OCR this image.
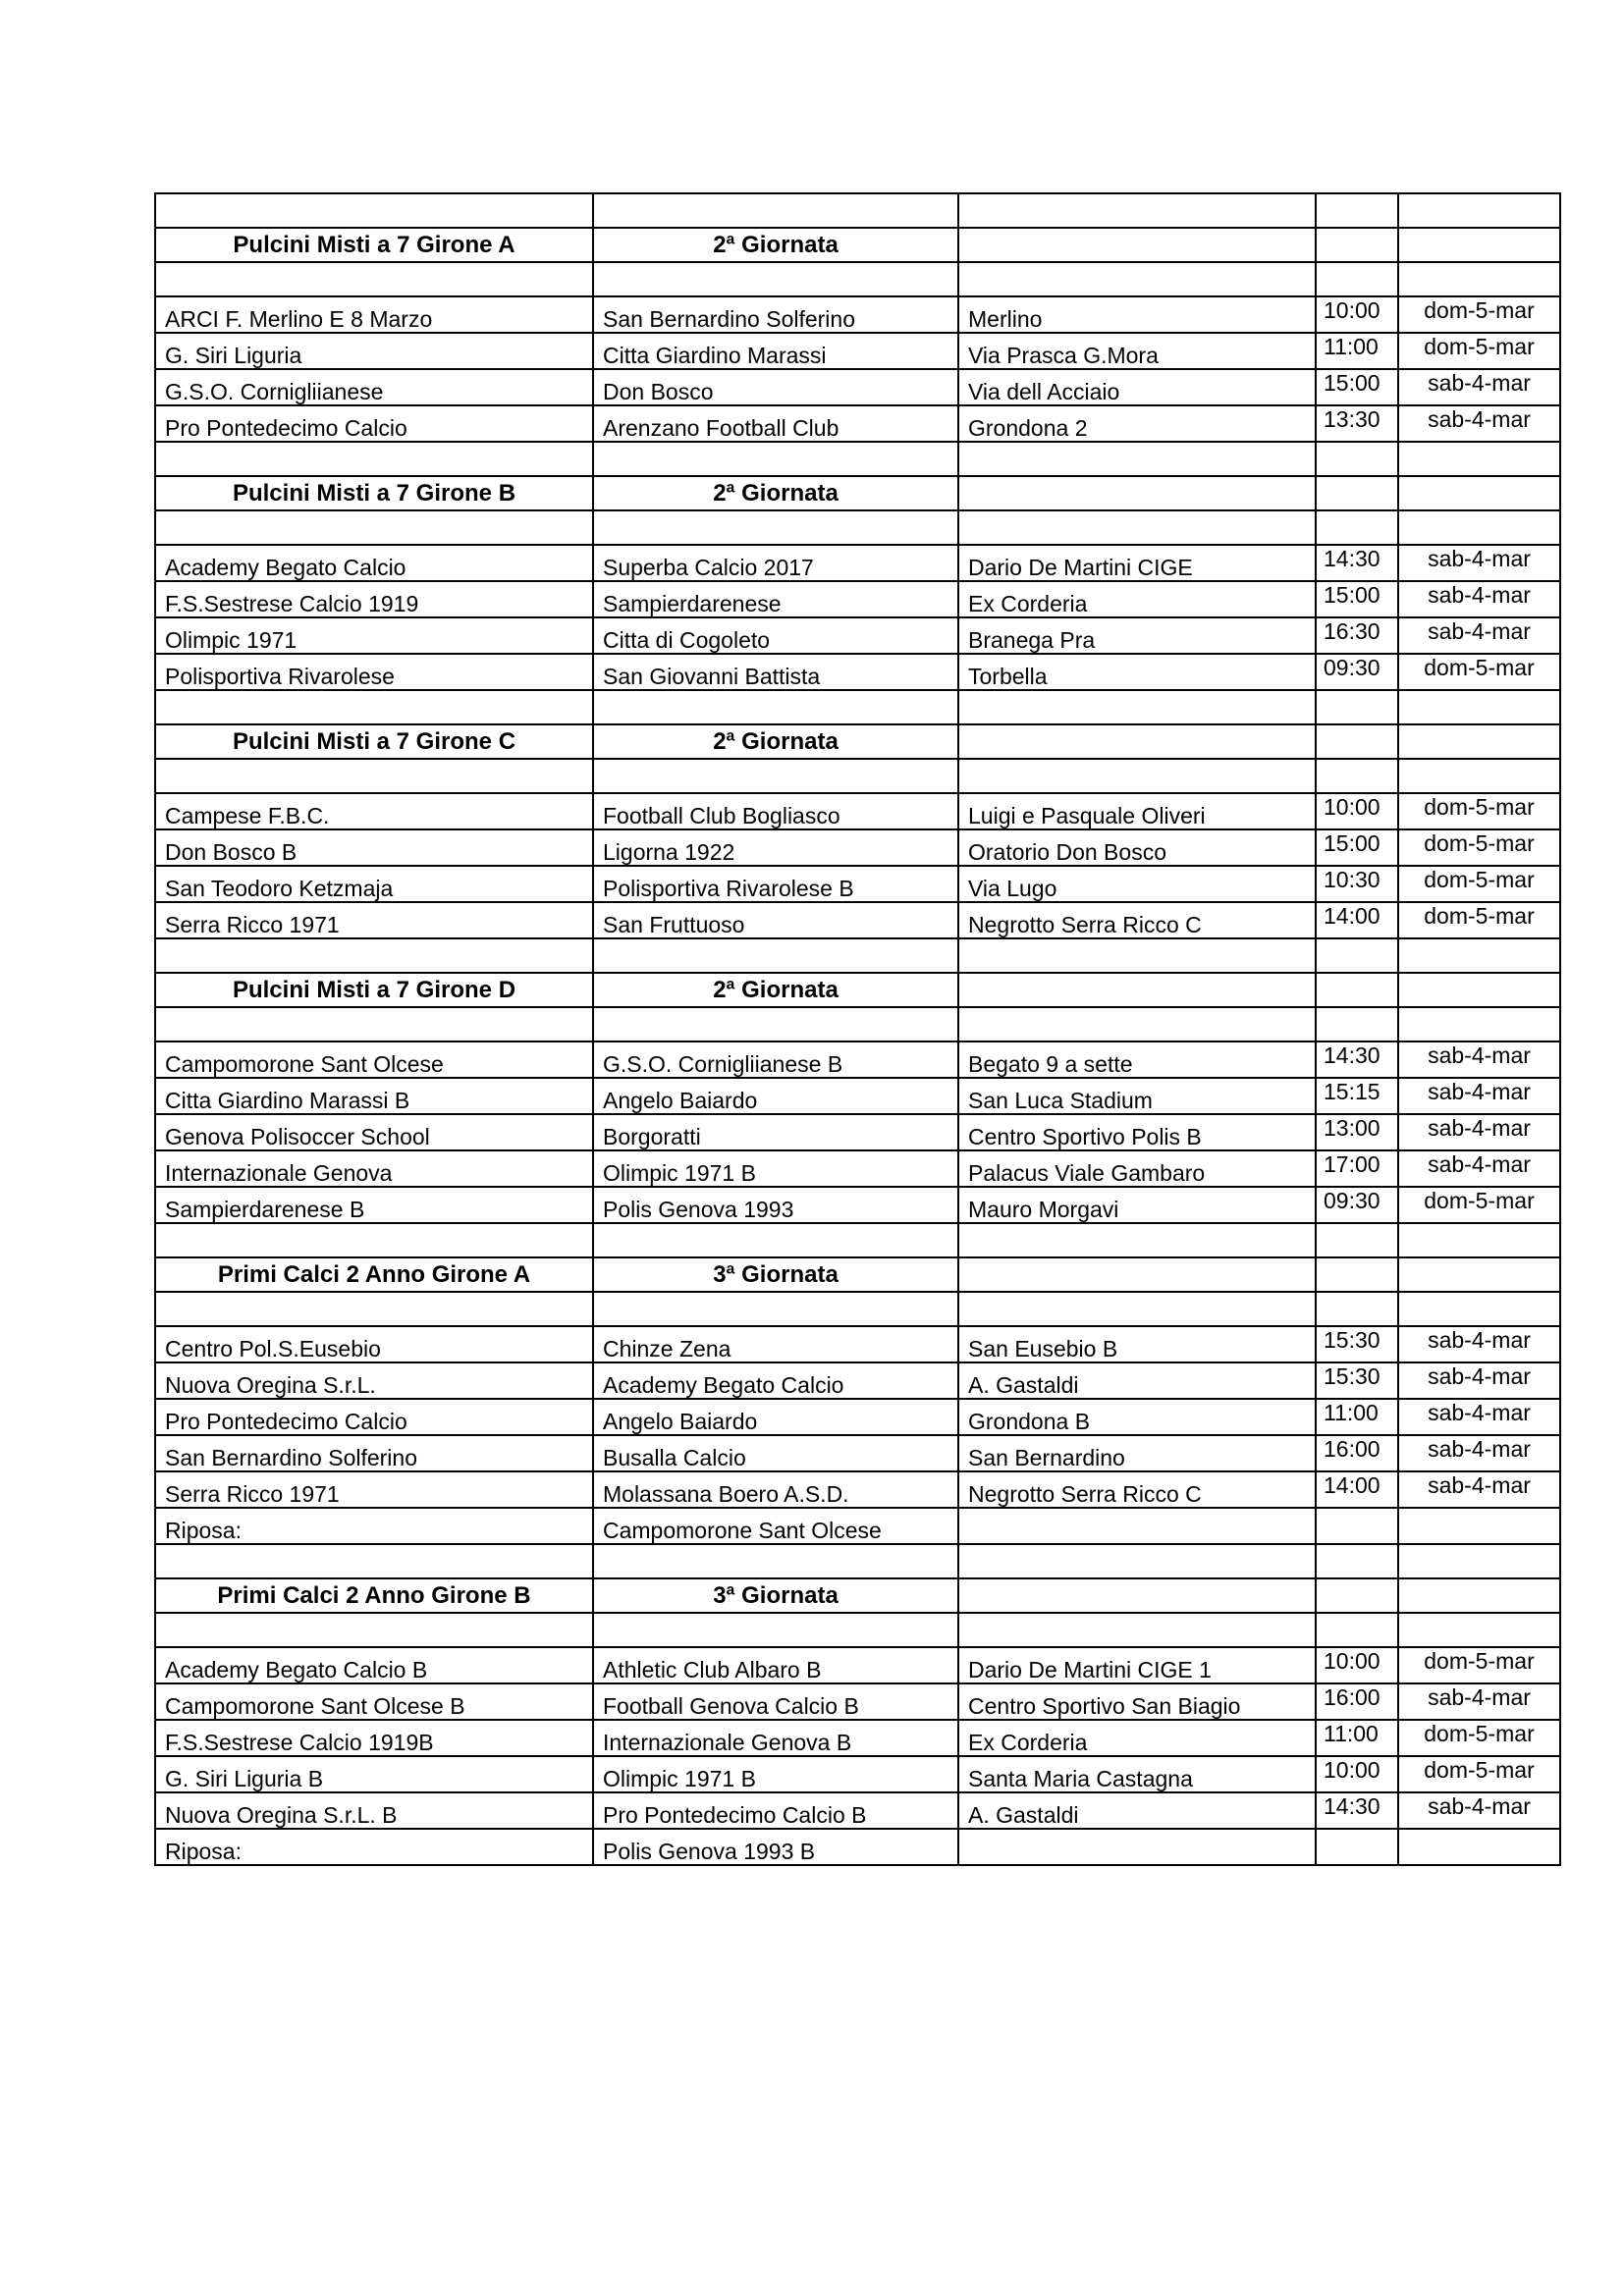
Pulcini Misti a 7 Girone A	2ª Giornata			

ARCI F. Merlino E 8 Marzo	San Bernardino Solferino	Merlino	10:00	dom-5-mar
G. Siri Liguria	Citta Giardino Marassi	Via Prasca G.Mora	11:00	dom-5-mar
G.S.O. Cornigliianese	Don Bosco	Via dell Acciaio	15:00	sab-4-mar
Pro Pontedecimo Calcio	Arenzano Football Club	Grondona 2	13:30	sab-4-mar

Pulcini Misti a 7 Girone B	2ª Giornata			

Academy Begato Calcio	Superba Calcio 2017	Dario De Martini CIGE	14:30	sab-4-mar
F.S.Sestrese Calcio 1919	Sampierdarenese	Ex Corderia	15:00	sab-4-mar
Olimpic 1971	Citta di Cogoleto	Branega Pra	16:30	sab-4-mar
Polisportiva Rivarolese	San Giovanni Battista	Torbella	09:30	dom-5-mar

Pulcini Misti a 7 Girone C	2ª Giornata			

Campese F.B.C.	Football Club Bogliasco	Luigi e Pasquale Oliveri	10:00	dom-5-mar
Don Bosco B	Ligorna 1922	Oratorio Don Bosco	15:00	dom-5-mar
San Teodoro Ketzmaja	Polisportiva Rivarolese B	Via Lugo	10:30	dom-5-mar
Serra Ricco 1971	San Fruttuoso	Negrotto Serra Ricco C	14:00	dom-5-mar

Pulcini Misti a 7 Girone D	2ª Giornata			

Campomorone Sant Olcese	G.S.O. Cornigliianese B	Begato 9 a sette	14:30	sab-4-mar
Citta Giardino Marassi B	Angelo Baiardo	San Luca Stadium	15:15	sab-4-mar
Genova Polisoccer School	Borgoratti	Centro Sportivo Polis B	13:00	sab-4-mar
Internazionale Genova	Olimpic 1971 B	Palacus Viale Gambaro	17:00	sab-4-mar
Sampierdarenese B	Polis Genova 1993	Mauro Morgavi	09:30	dom-5-mar

Primi Calci 2 Anno Girone A	3ª Giornata			

Centro Pol.S.Eusebio	Chinze Zena	San Eusebio B	15:30	sab-4-mar
Nuova Oregina S.r.L.	Academy Begato Calcio	A. Gastaldi	15:30	sab-4-mar
Pro Pontedecimo Calcio	Angelo Baiardo	Grondona B	11:00	sab-4-mar
San Bernardino Solferino	Busalla Calcio	San Bernardino	16:00	sab-4-mar
Serra Ricco 1971	Molassana Boero A.S.D.	Negrotto Serra Ricco C	14:00	sab-4-mar
Riposa:	Campomorone Sant Olcese			

Primi Calci 2 Anno Girone B	3ª Giornata			

Academy Begato Calcio B	Athletic Club Albaro B	Dario De Martini CIGE 1	10:00	dom-5-mar
Campomorone Sant Olcese B	Football Genova Calcio B	Centro Sportivo San Biagio	16:00	sab-4-mar
F.S.Sestrese Calcio 1919B	Internazionale Genova B	Ex Corderia	11:00	dom-5-mar
G. Siri Liguria B	Olimpic 1971 B	Santa Maria Castagna	10:00	dom-5-mar
Nuova Oregina S.r.L. B	Pro Pontedecimo Calcio B	A. Gastaldi	14:30	sab-4-mar
Riposa:	Polis Genova 1993 B			
